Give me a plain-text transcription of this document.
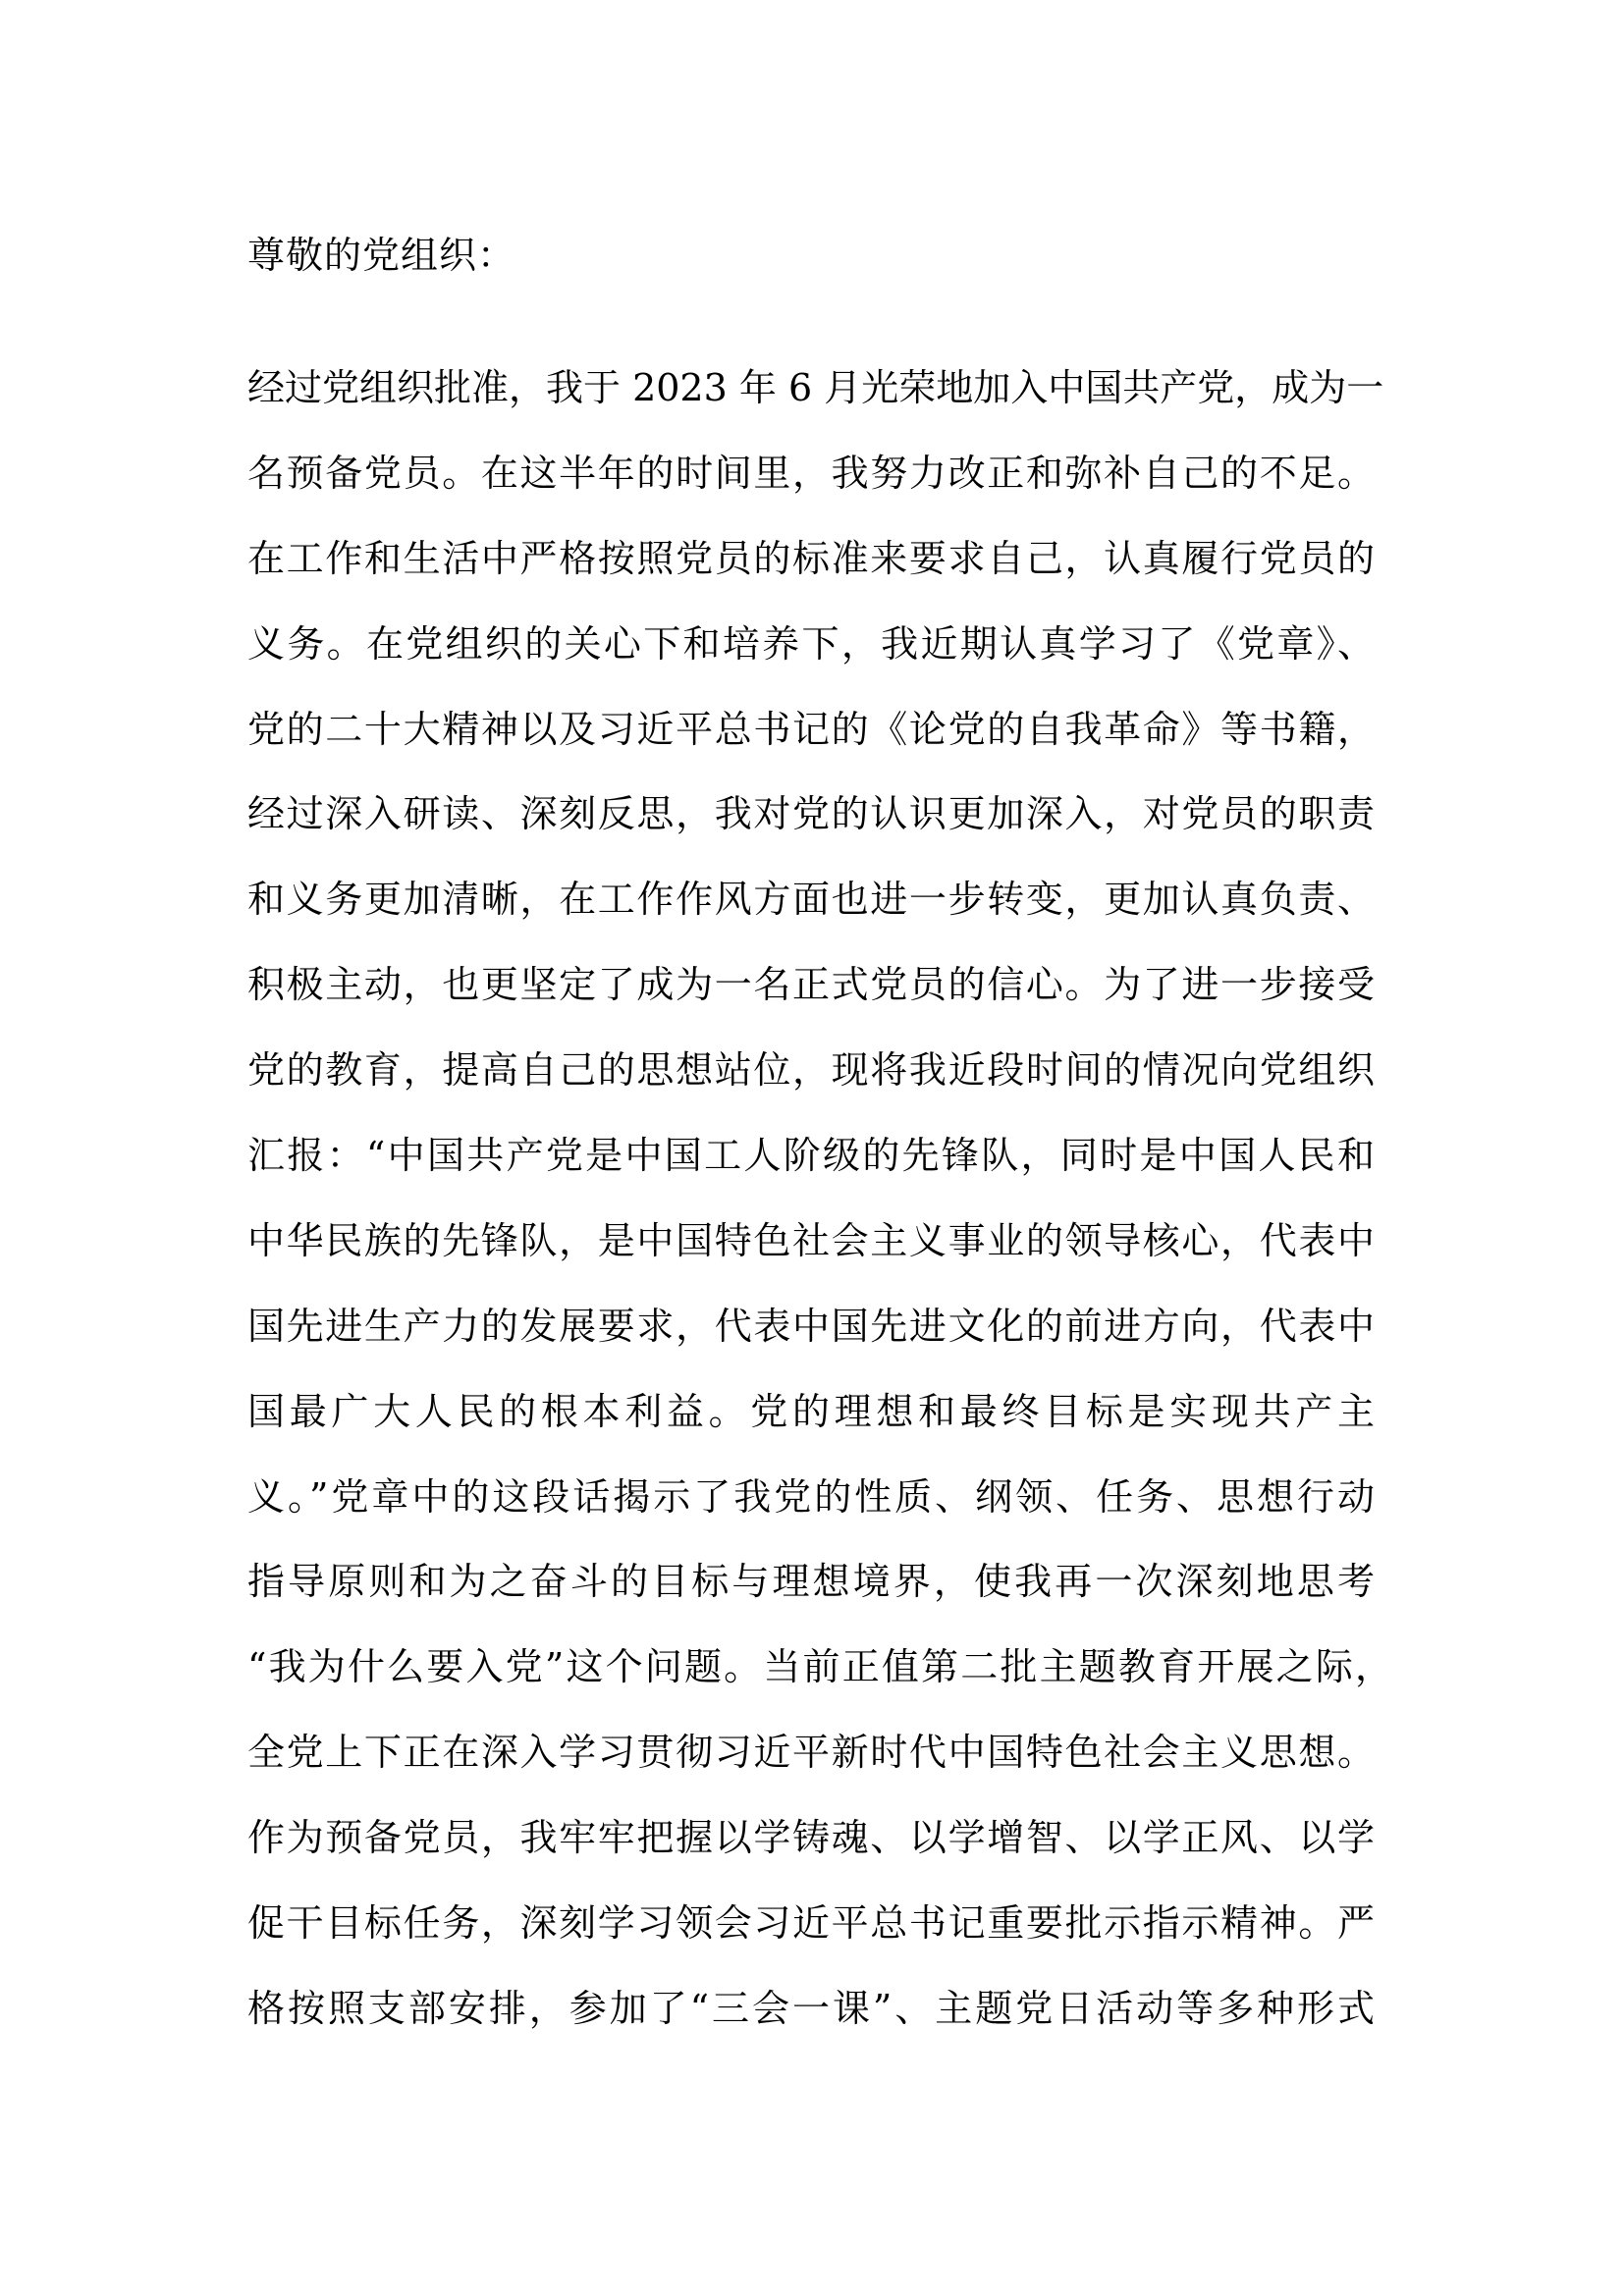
尊敬的党组织：
经过党组织批准，我于 2023 年 6 月光荣地加入中国共产党，成为一
名预备党员。在这半年的时间里，我努力改正和弥补自己的不足。
在工作和生活中严格按照党员的标准来要求自己，认真履行党员的
义务。在党组织的关心下和培养下，我近期认真学习了《党章》、
党的二十大精神以及习近平总书记的《论党的自我革命》等书籍，
经过深入研读、深刻反思，我对党的认识更加深入，对党员的职责
和义务更加清晰，在工作作风方面也进一步转变，更加认真负责、
积极主动，也更坚定了成为一名正式党员的信心。为了进一步接受
党的教育，提高自己的思想站位，现将我近段时间的情况向党组织
汇报：“中国共产党是中国工人阶级的先锋队，同时是中国人民和
中华民族的先锋队，是中国特色社会主义事业的领导核心，代表中
国先进生产力的发展要求，代表中国先进文化的前进方向，代表中
国最广大人民的根本利益。党的理想和最终目标是实现共产主
义。”党章中的这段话揭示了我党的性质、纲领、任务、思想行动
指导原则和为之奋斗的目标与理想境界，使我再一次深刻地思考
“我为什么要入党”这个问题。当前正值第二批主题教育开展之际，
全党上下正在深入学习贯彻习近平新时代中国特色社会主义思想。
作为预备党员，我牢牢把握以学铸魂、以学增智、以学正风、以学
促干目标任务，深刻学习领会习近平总书记重要批示指示精神。严
格按照支部安排，参加了“三会一课”、主题党日活动等多种形式
